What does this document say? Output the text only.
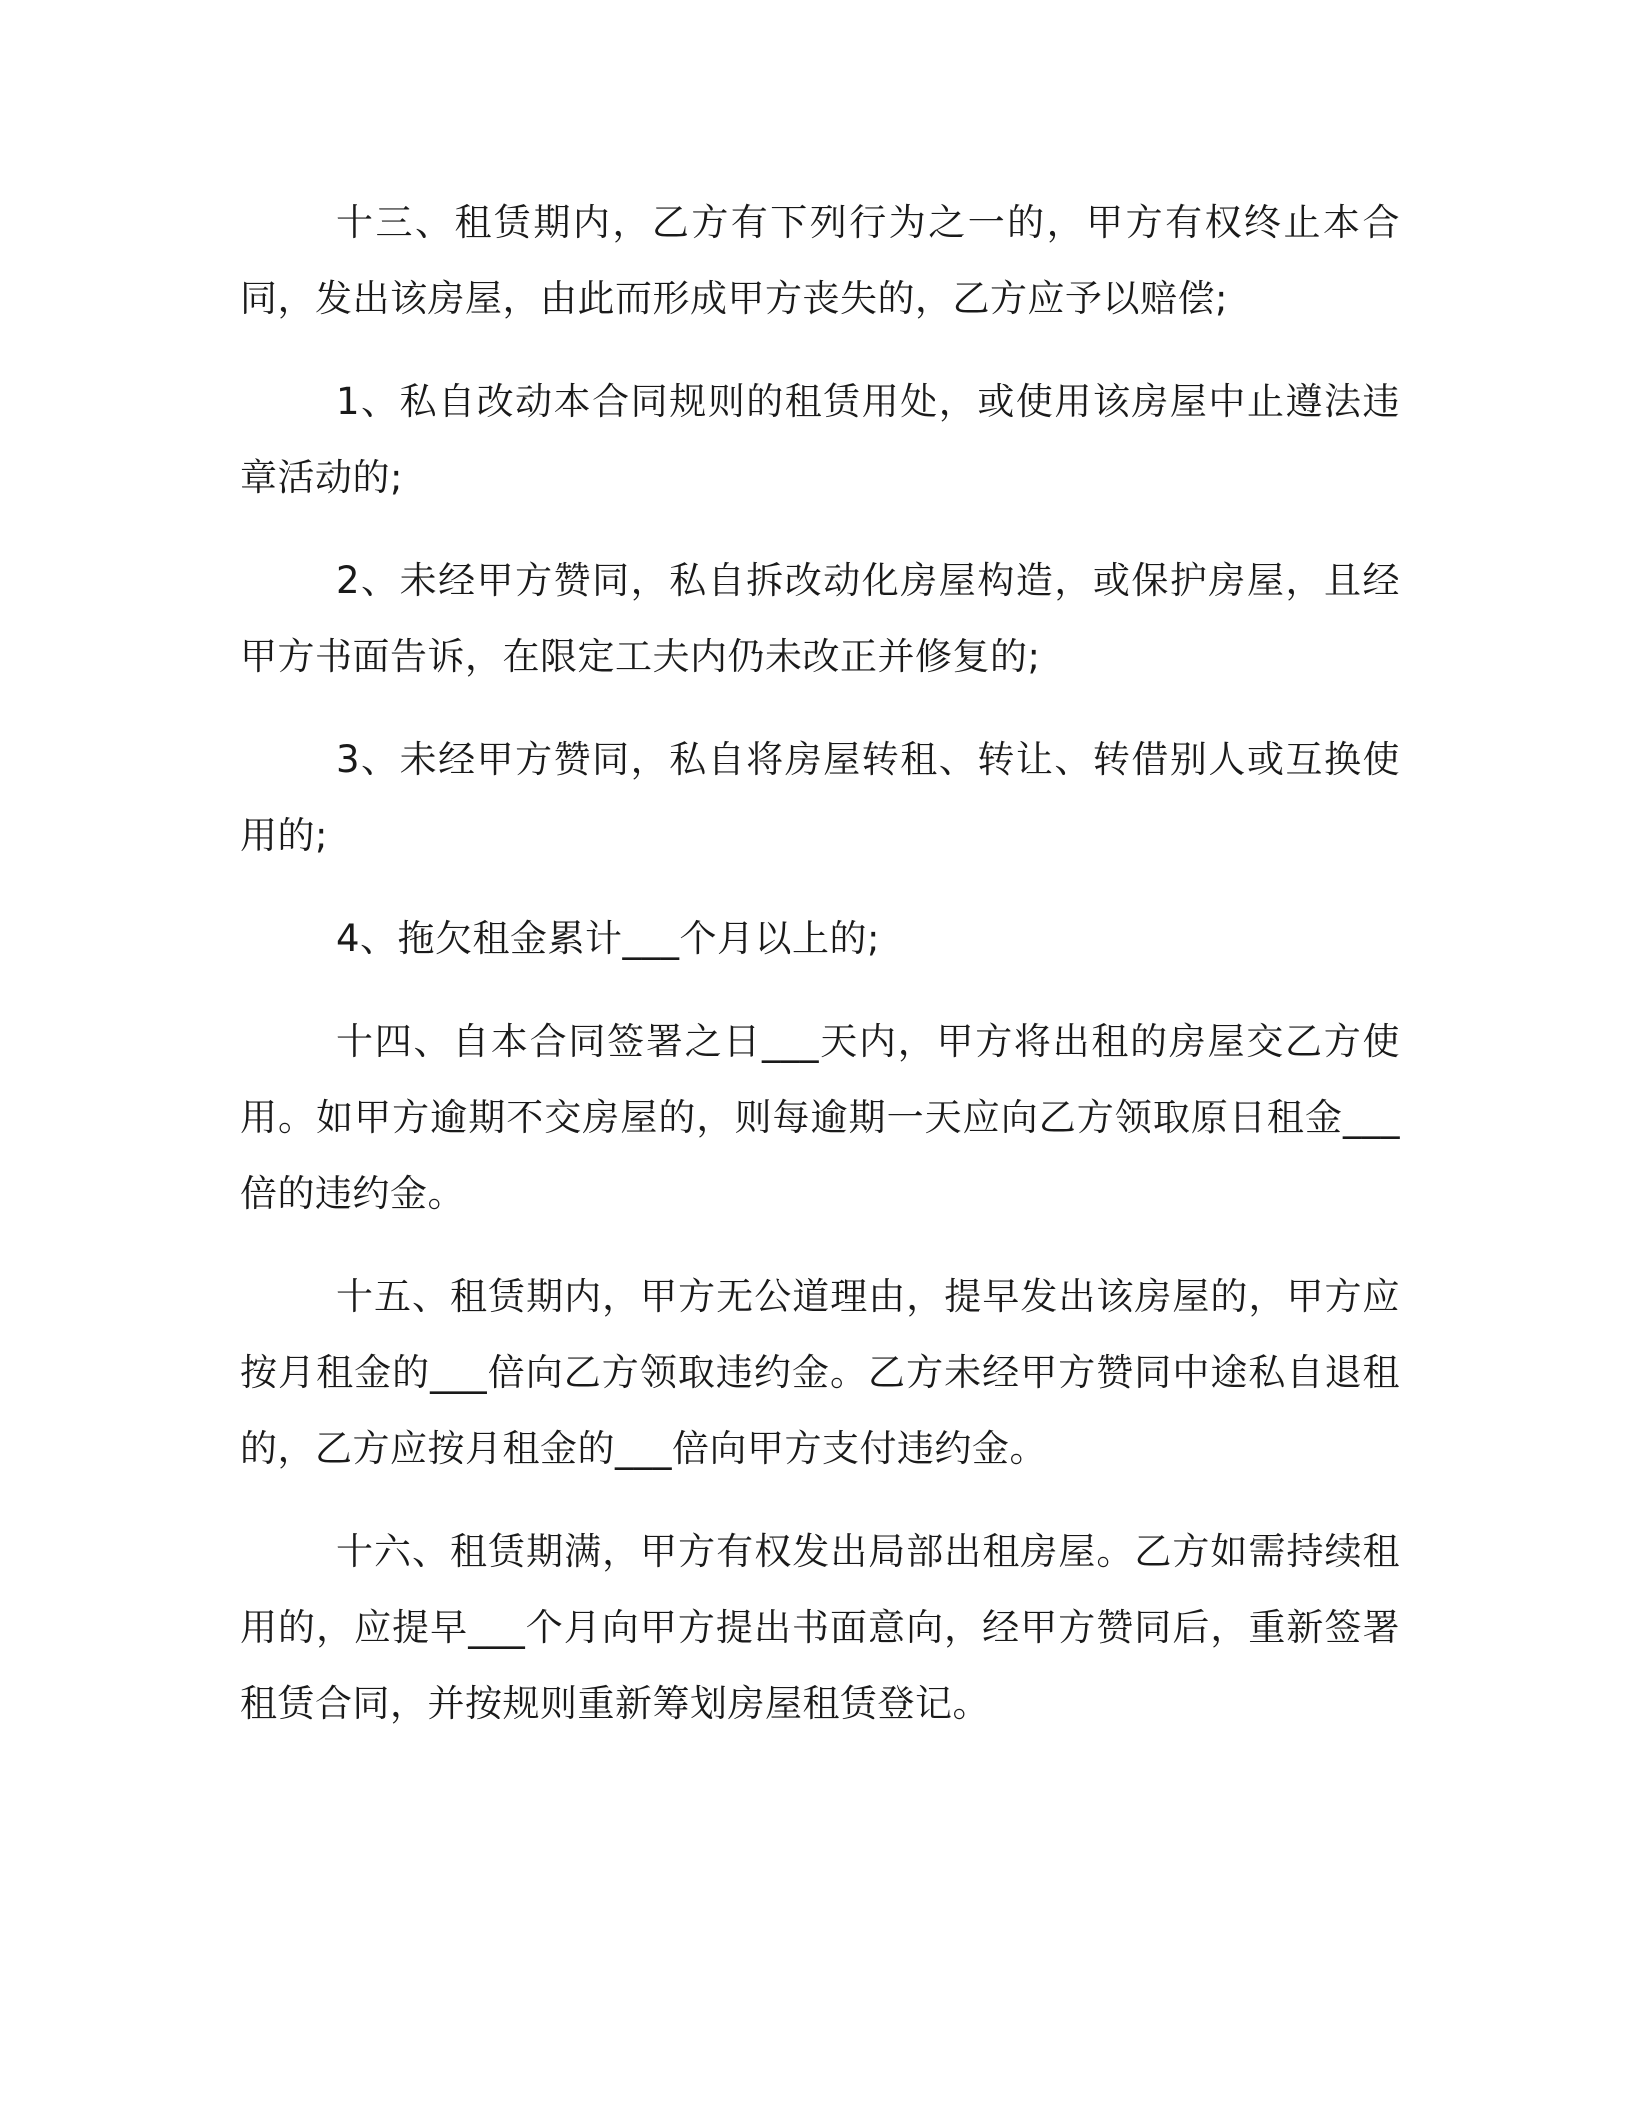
十三、租赁期内，乙方有下列行为之一的，甲方有权终止本合同，发出该房屋，由此而形成甲方丧失的，乙方应予以赔偿;

1、私自改动本合同规则的租赁用处，或使用该房屋中止遵法违章活动的;

2、未经甲方赞同，私自拆改动化房屋构造，或保护房屋，且经甲方书面告诉，在限定工夫内仍未改正并修复的;

3、未经甲方赞同，私自将房屋转租、转让、转借别人或互换使用的;

4、拖欠租金累计___个月以上的;

十四、自本合同签署之日___天内，甲方将出租的房屋交乙方使用。如甲方逾期不交房屋的，则每逾期一天应向乙方领取原日租金___倍的违约金。

十五、租赁期内，甲方无公道理由，提早发出该房屋的，甲方应按月租金的___倍向乙方领取违约金。乙方未经甲方赞同中途私自退租的，乙方应按月租金的___倍向甲方支付违约金。

十六、租赁期满，甲方有权发出局部出租房屋。乙方如需持续租用的，应提早___个月向甲方提出书面意向，经甲方赞同后，重新签署租赁合同，并按规则重新筹划房屋租赁登记。
